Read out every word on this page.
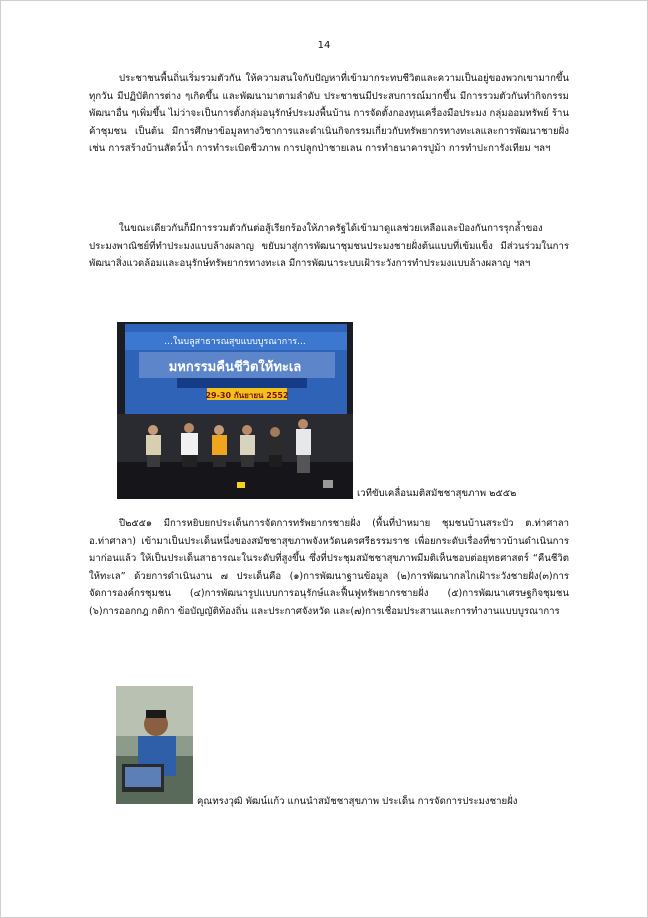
14

ประชาชนพื้นถิ่นเริ่มรวมตัวกัน ให้ความสนใจกับปัญหาที่เข้ามากระทบชีวิตและความเป็นอยู่ของพวกเขามากขึ้นทุกวัน มีปฏิบัติการต่าง ๆเกิดขึ้น และพัฒนามาตามลำดับ ประชาชนมีประสบการณ์มากขึ้น มีการรวมตัวกันทำกิจกรรมพัฒนาอื่น ๆเพิ่มขึ้น ไม่ว่าจะเป็นการตั้งกลุ่มอนุรักษ์ประมงพื้นบ้าน การจัดตั้งกองทุนเครื่องมือประมง กลุ่มออมทรัพย์ ร้านค้าชุมชน เป็นต้น มีการศึกษาข้อมูลทางวิชาการและดำเนินกิจกรรมเกี่ยวกับทรัพยากรทางทะเลและการพัฒนาชายฝั่ง เช่น การสร้างบ้านสัตว์น้ำ การทำระเบิดชีวภาพ การปลูกป่าชายเลน การทำธนาคารปูม้า การทำปะการังเทียม ฯลฯ

ในขณะเดียวกันก็มีการรวมตัวกันต่อสู้เรียกร้องให้ภาครัฐได้เข้ามาดูแลช่วยเหลือและป้องกันการรุกล้ำของประมงพาณิชย์ที่ทำประมงแบบล้างผลาญ ขยับมาสู่การพัฒนาชุมชนประมงชายฝั่งต้นแบบที่เข้มแข็ง มีส่วนร่วมในการพัฒนาสิ่งแวดล้อมและอนุรักษ์ทรัพยากรทางทะเล มีการพัฒนาระบบเฝ้าระวังการทำประมงแบบล้างผลาญ ฯลฯ

...ในบลูสาธารณสุขแบบบูรณาการ...
มหกรรมคืนชีวิตให้ทะเล
29-30 กันยายน 2552
เวทีขับเคลื่อนมติสมัชชาสุขภาพ ๒๕๕๒

ปี๒๕๕๑ มีการหยิบยกประเด็นการจัดการทรัพยากรชายฝั่ง (พื้นที่ป่าหมาย ชุมชนบ้านสระบัว ต.ท่าศาลา อ.ท่าศาลา) เข้ามาเป็นประเด็นหนึ่งของสมัชชาสุขภาพจังหวัดนครศรีธรรมราช เพื่อยกระดับเรื่องที่ชาวบ้านดำเนินการมาก่อนแล้ว ให้เป็นประเด็นสาธารณะในระดับที่สูงขึ้น ซึ่งที่ประชุมสมัชชาสุขภาพมีมติเห็นชอบต่อยุทธศาสตร์ “คืนชีวิตให้ทะเล” ด้วยการดำเนินงาน ๗ ประเด็นคือ (๑)การพัฒนาฐานข้อมูล (๒)การพัฒนากลไกเฝ้าระวังชายฝั่ง(๓)การจัดการองค์กรชุมชน (๔)การพัฒนารูปแบบการอนุรักษ์และฟื้นฟูทรัพยากรชายฝั่ง (๕)การพัฒนาเศรษฐกิจชุมชน (๖)การออกกฎ กติกา ข้อบัญญัติท้องถิ่น และประกาศจังหวัด และ(๗)การเชื่อมประสานและการทำงานแบบบูรณาการ

คุณทรงวุฒิ พัฒน์แก้ว แกนนำสมัชชาสุขภาพ ประเด็น การจัดการประมงชายฝั่ง
